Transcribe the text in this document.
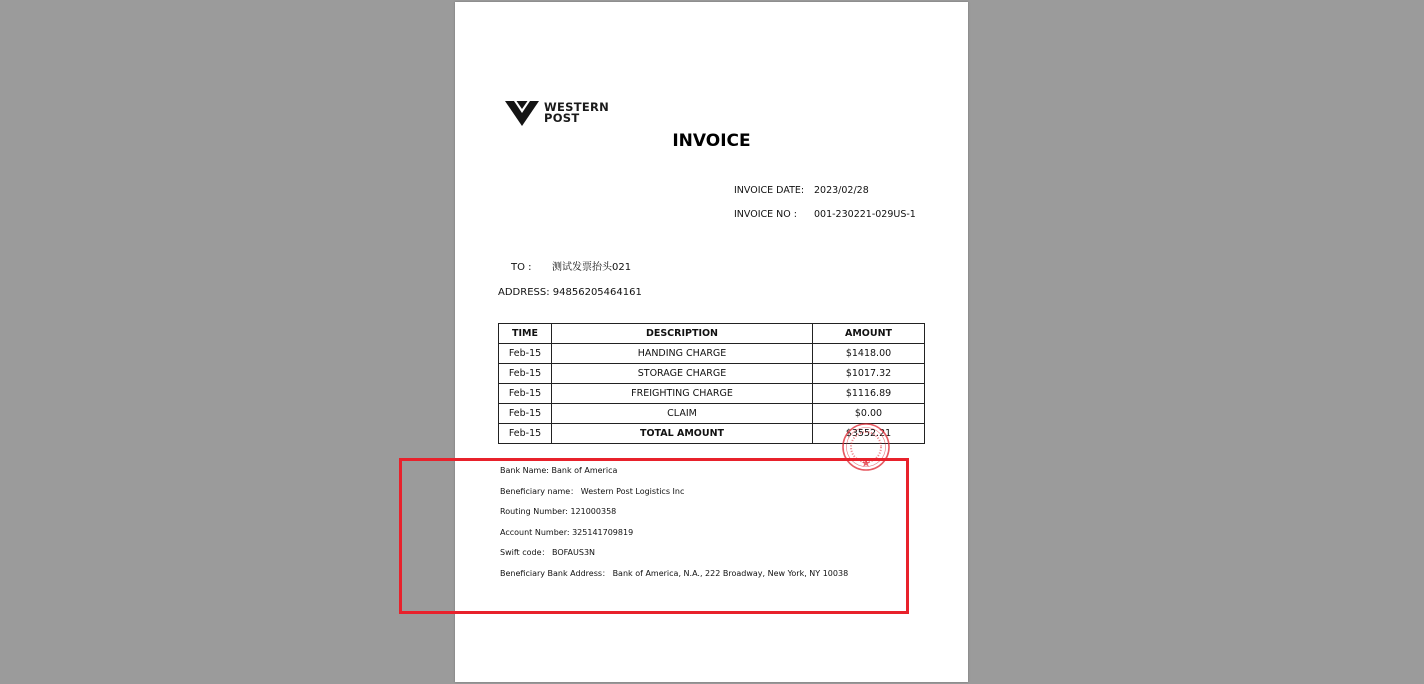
WESTERN
POST
INVOICE
INVOICE DATE: 2023/02/28
INVOICE NO : 001-230221-029US-1
TO : 测试发票抬头021
ADDRESS: 94856205464161
TIME	DESCRIPTION	AMOUNT
Feb-15	HANDING CHARGE	$1418.00
Feb-15	STORAGE CHARGE	$1017.32
Feb-15	FREIGHTING CHARGE	$1116.89
Feb-15	CLAIM	$0.00
Feb-15	TOTAL AMOUNT	$3552.21
Bank Name: Bank of America
Beneficiary name： Western Post Logistics Inc
Routing Number: 121000358
Account Number: 325141709819
Swift code： BOFAUS3N
Beneficiary Bank Address： Bank of America, N.A., 222 Broadway, New York, NY 10038
